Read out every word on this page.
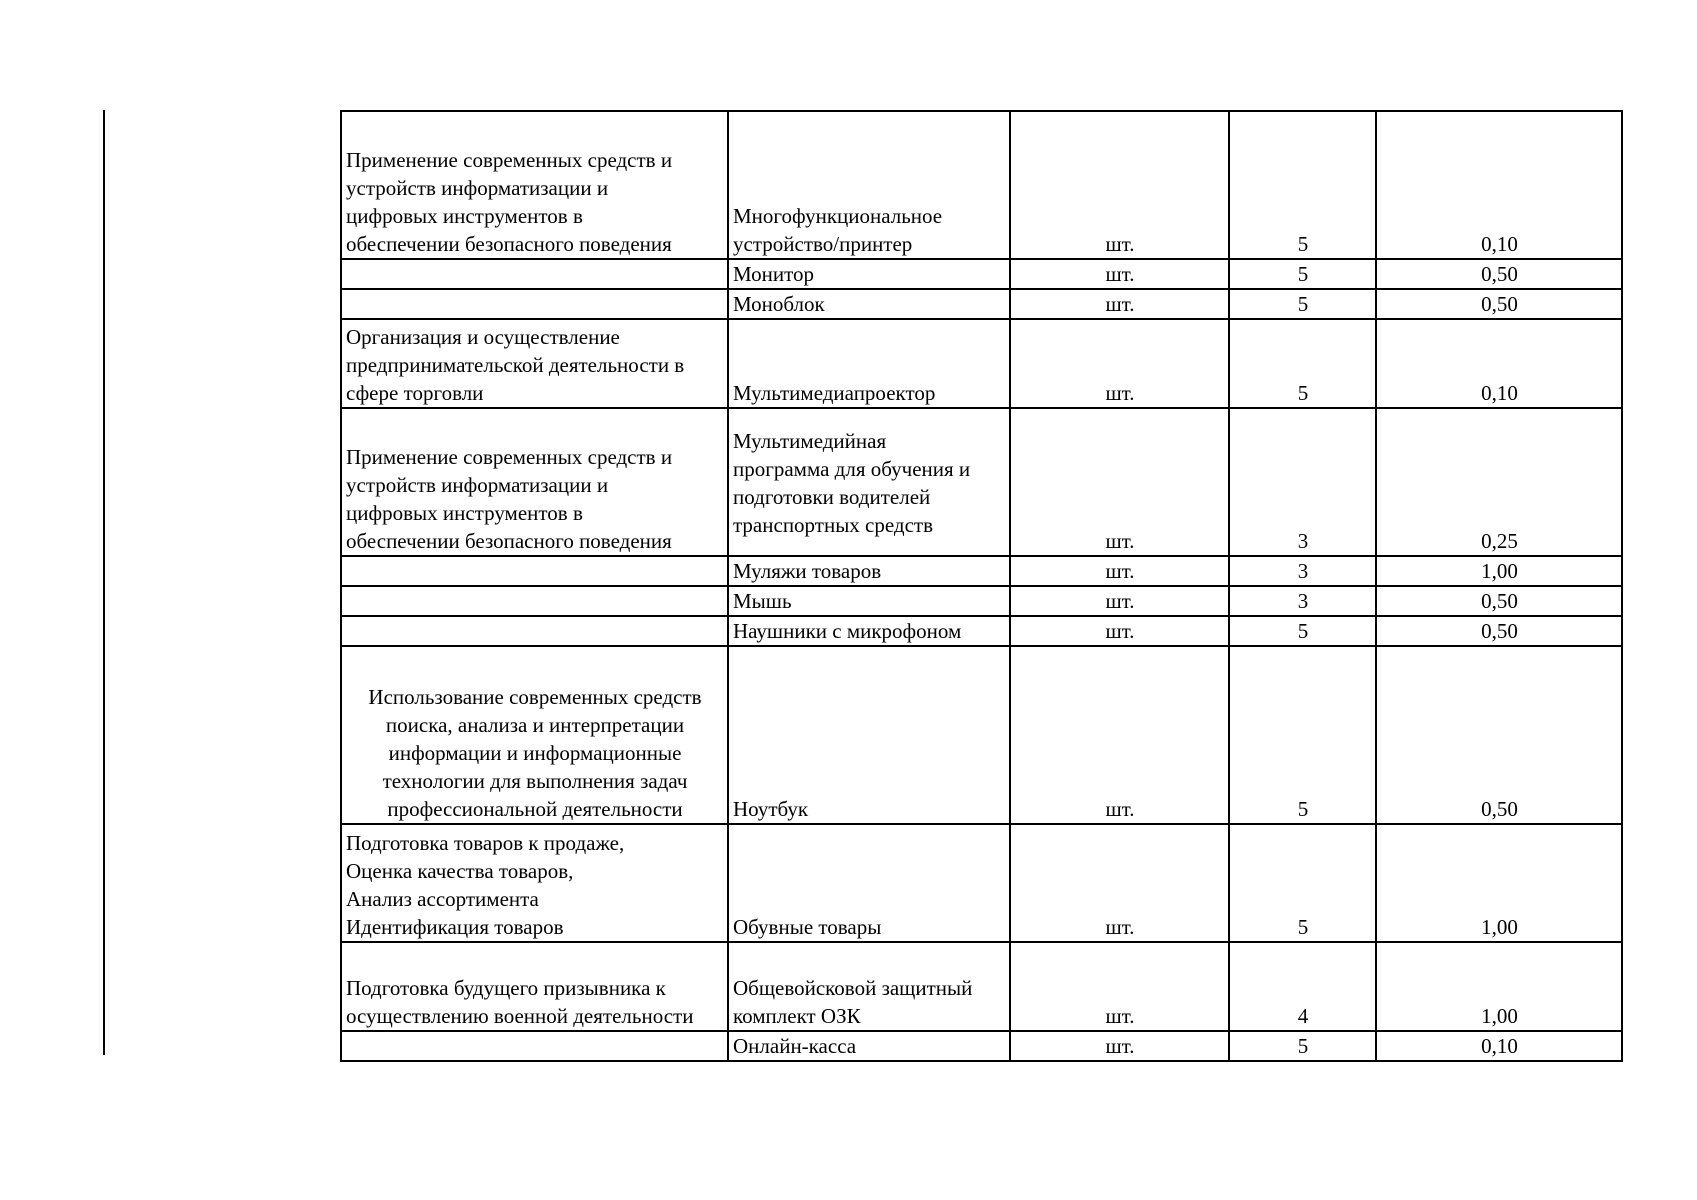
Применение современных средств и
устройств информатизации и
цифровых инструментов в
обеспечении безопасного поведения	Многофункциональное
устройство/принтер	шт.	5	0,10
	Монитор	шт.	5	0,50
	Моноблок	шт.	5	0,50
Организация и осуществление
предпринимательской деятельности в
сфере торговли	Мультимедиапроектор	шт.	5	0,10
Применение современных средств и
устройств информатизации и
цифровых инструментов в
обеспечении безопасного поведения	Мультимедийная
программа для обучения и
подготовки водителей
транспортных средств	шт.	3	0,25
	Муляжи товаров	шт.	3	1,00
	Мышь	шт.	3	0,50
	Наушники с микрофоном	шт.	5	0,50
Использование современных средств
поиска, анализа и интерпретации
информации и информационные
технологии для выполнения задач
профессиональной деятельности	Ноутбук	шт.	5	0,50
Подготовка товаров к продаже,
Оценка качества товаров,
Анализ ассортимента
Идентификация товаров	Обувные товары	шт.	5	1,00
Подготовка будущего призывника к
осуществлению военной деятельности	Общевойсковой защитный
комплект ОЗК	шт.	4	1,00
	Онлайн-касса	шт.	5	0,10
